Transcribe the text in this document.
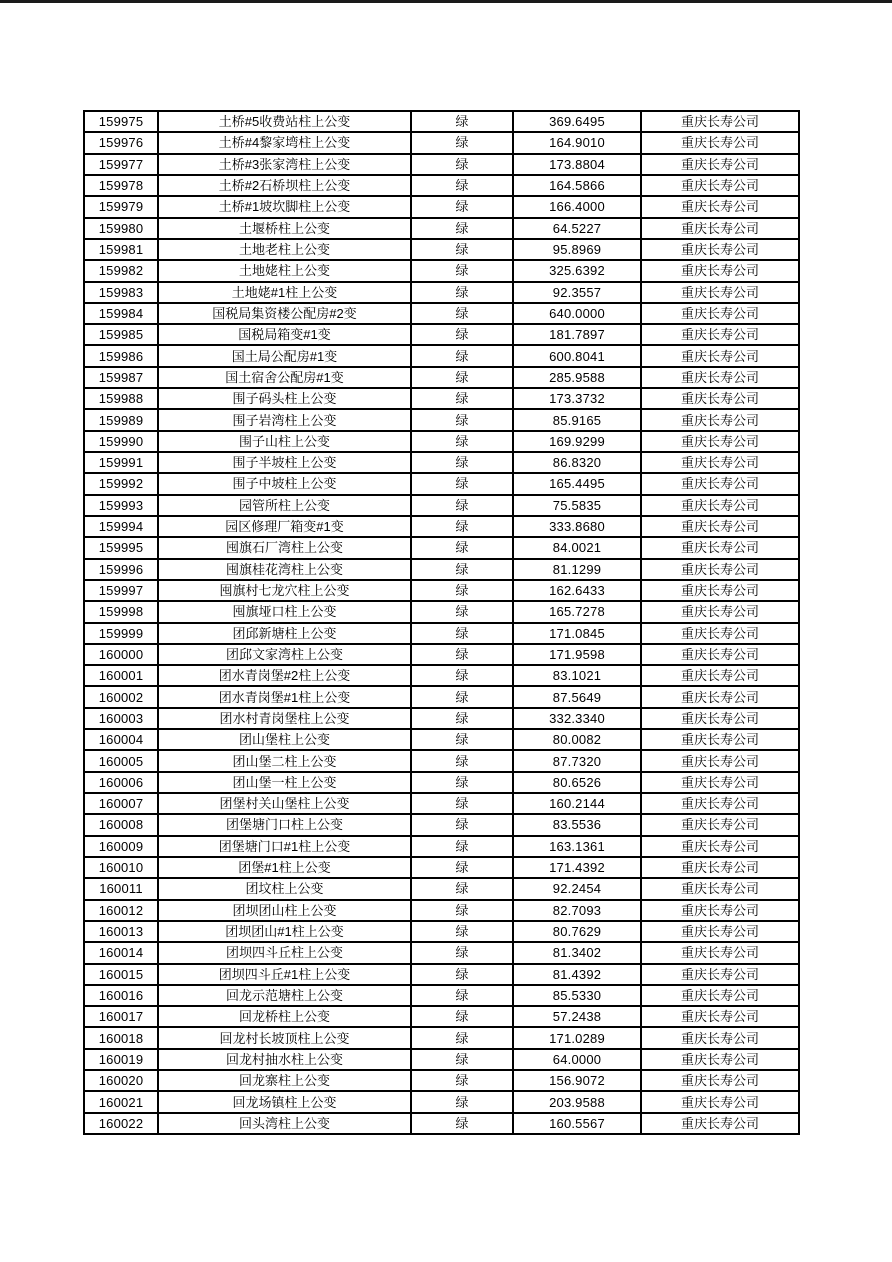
159975	土桥#5收费站柱上公变	绿	369.6495	重庆长寿公司
159976	土桥#4黎家塆柱上公变	绿	164.9010	重庆长寿公司
159977	土桥#3张家湾柱上公变	绿	173.8804	重庆长寿公司
159978	土桥#2石桥坝柱上公变	绿	164.5866	重庆长寿公司
159979	土桥#1坡坎脚柱上公变	绿	166.4000	重庆长寿公司
159980	土堰桥柱上公变	绿	64.5227	重庆长寿公司
159981	土地老柱上公变	绿	95.8969	重庆长寿公司
159982	土地姥柱上公变	绿	325.6392	重庆长寿公司
159983	土地姥#1柱上公变	绿	92.3557	重庆长寿公司
159984	国税局集资楼公配房#2变	绿	640.0000	重庆长寿公司
159985	国税局箱变#1变	绿	181.7897	重庆长寿公司
159986	国土局公配房#1变	绿	600.8041	重庆长寿公司
159987	国土宿舍公配房#1变	绿	285.9588	重庆长寿公司
159988	围子码头柱上公变	绿	173.3732	重庆长寿公司
159989	围子岩湾柱上公变	绿	85.9165	重庆长寿公司
159990	围子山柱上公变	绿	169.9299	重庆长寿公司
159991	围子半坡柱上公变	绿	86.8320	重庆长寿公司
159992	围子中坡柱上公变	绿	165.4495	重庆长寿公司
159993	园管所柱上公变	绿	75.5835	重庆长寿公司
159994	园区修理厂箱变#1变	绿	333.8680	重庆长寿公司
159995	囤旗石厂湾柱上公变	绿	84.0021	重庆长寿公司
159996	囤旗桂花湾柱上公变	绿	81.1299	重庆长寿公司
159997	囤旗村七龙穴柱上公变	绿	162.6433	重庆长寿公司
159998	囤旗垭口柱上公变	绿	165.7278	重庆长寿公司
159999	团邱新塘柱上公变	绿	171.0845	重庆长寿公司
160000	团邱文家湾柱上公变	绿	171.9598	重庆长寿公司
160001	团水青岗堡#2柱上公变	绿	83.1021	重庆长寿公司
160002	团水青岗堡#1柱上公变	绿	87.5649	重庆长寿公司
160003	团水村青岗堡柱上公变	绿	332.3340	重庆长寿公司
160004	团山堡柱上公变	绿	80.0082	重庆长寿公司
160005	团山堡二柱上公变	绿	87.7320	重庆长寿公司
160006	团山堡一柱上公变	绿	80.6526	重庆长寿公司
160007	团堡村关山堡柱上公变	绿	160.2144	重庆长寿公司
160008	团堡塘门口柱上公变	绿	83.5536	重庆长寿公司
160009	团堡塘门口#1柱上公变	绿	163.1361	重庆长寿公司
160010	团堡#1柱上公变	绿	171.4392	重庆长寿公司
160011	团坟柱上公变	绿	92.2454	重庆长寿公司
160012	团坝团山柱上公变	绿	82.7093	重庆长寿公司
160013	团坝团山#1柱上公变	绿	80.7629	重庆长寿公司
160014	团坝四斗丘柱上公变	绿	81.3402	重庆长寿公司
160015	团坝四斗丘#1柱上公变	绿	81.4392	重庆长寿公司
160016	回龙示范塘柱上公变	绿	85.5330	重庆长寿公司
160017	回龙桥柱上公变	绿	57.2438	重庆长寿公司
160018	回龙村长坡顶柱上公变	绿	171.0289	重庆长寿公司
160019	回龙村抽水柱上公变	绿	64.0000	重庆长寿公司
160020	回龙寨柱上公变	绿	156.9072	重庆长寿公司
160021	回龙场镇柱上公变	绿	203.9588	重庆长寿公司
160022	回头湾柱上公变	绿	160.5567	重庆长寿公司
